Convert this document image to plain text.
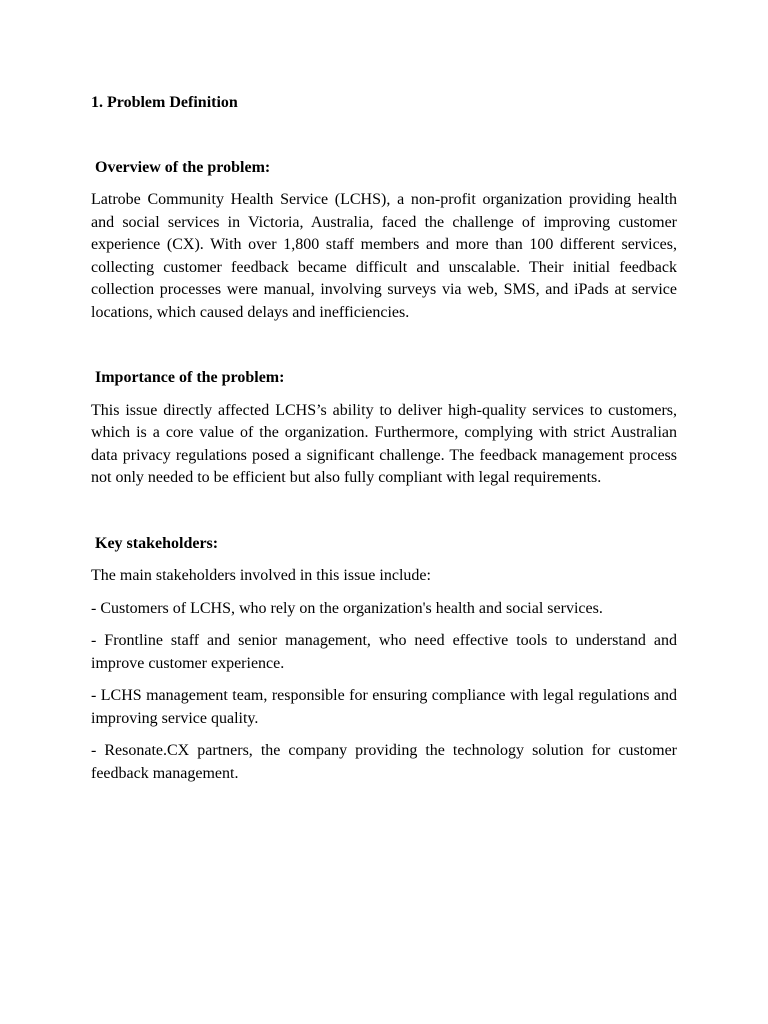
1. Problem Definition

Overview of the problem:

Latrobe Community Health Service (LCHS), a non-profit organization providing health and social services in Victoria, Australia, faced the challenge of improving customer experience (CX). With over 1,800 staff members and more than 100 different services, collecting customer feedback became difficult and unscalable. Their initial feedback collection processes were manual, involving surveys via web, SMS, and iPads at service locations, which caused delays and inefficiencies.

Importance of the problem:

This issue directly affected LCHS’s ability to deliver high-quality services to customers, which is a core value of the organization. Furthermore, complying with strict Australian data privacy regulations posed a significant challenge. The feedback management process not only needed to be efficient but also fully compliant with legal requirements.

Key stakeholders:

The main stakeholders involved in this issue include:

- Customers of LCHS, who rely on the organization's health and social services.

- Frontline staff and senior management, who need effective tools to understand and improve customer experience.

- LCHS management team, responsible for ensuring compliance with legal regulations and improving service quality.

- Resonate.CX partners, the company providing the technology solution for customer feedback management.
